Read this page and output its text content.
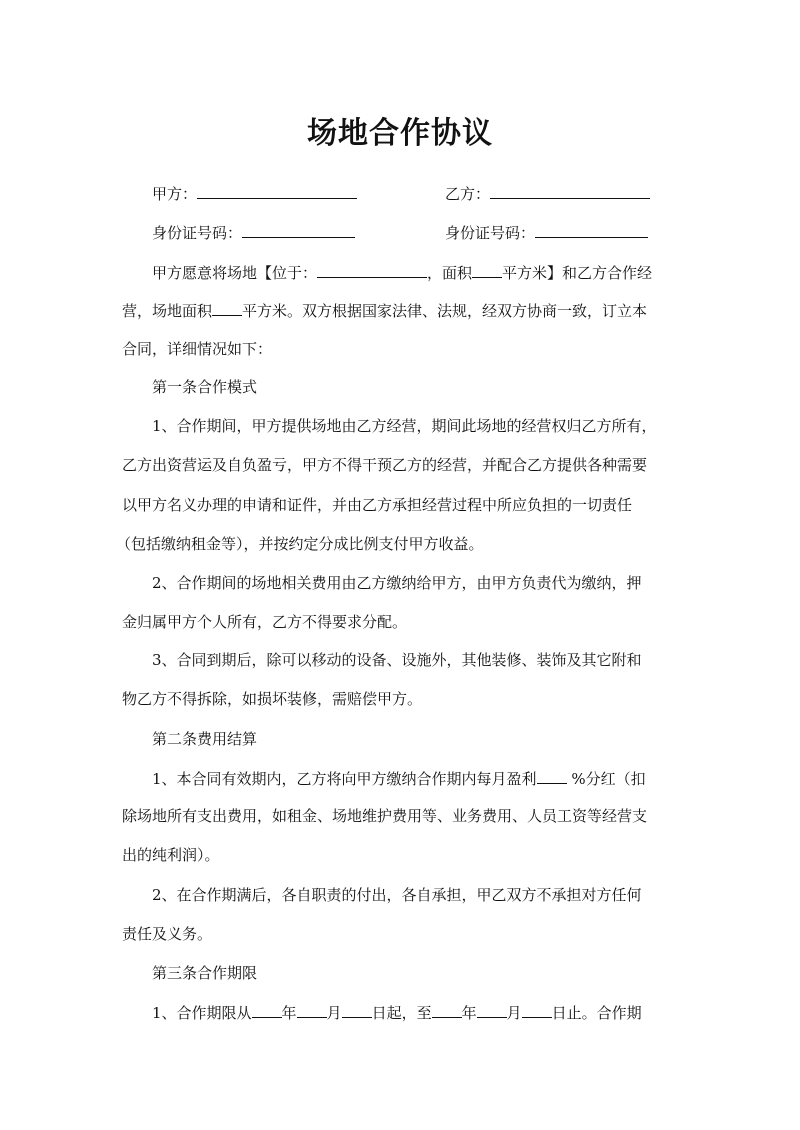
场地合作协议
甲方：	乙方：
身份证号码：	身份证号码：
甲方愿意将场地【位于：	，面积 平方米】和乙方合作经
营，场地面积 平方米。双方根据国家法律、法规，经双方协商一致，订立本
合同，详细情况如下：
第一条合作模式
1、合作期间，甲方提供场地由乙方经营，期间此场地的经营权归乙方所有，
乙方出资营运及自负盈亏，甲方不得干预乙方的经营，并配合乙方提供各种需要
以甲方名义办理的申请和证件，并由乙方承担经营过程中所应负担的一切责任
（包括缴纳租金等），并按约定分成比例支付甲方收益。
2、合作期间的场地相关费用由乙方缴纳给甲方，由甲方负责代为缴纳，押
金归属甲方个人所有，乙方不得要求分配。
3、合同到期后，除可以移动的设备、设施外，其他装修、装饰及其它附和
物乙方不得拆除，如损坏装修，需赔偿甲方。
第二条费用结算
1、本合同有效期内，乙方将向甲方缴纳合作期内每月盈利 %分红（扣
除场地所有支出费用，如租金、场地维护费用等、业务费用、人员工资等经营支
出的纯利润）。
2、在合作期满后，各自职责的付出，各自承担，甲乙双方不承担对方任何
责任及义务。
第三条合作期限
1、合作期限从 年 月 日起，至 年 月 日止。合作期
